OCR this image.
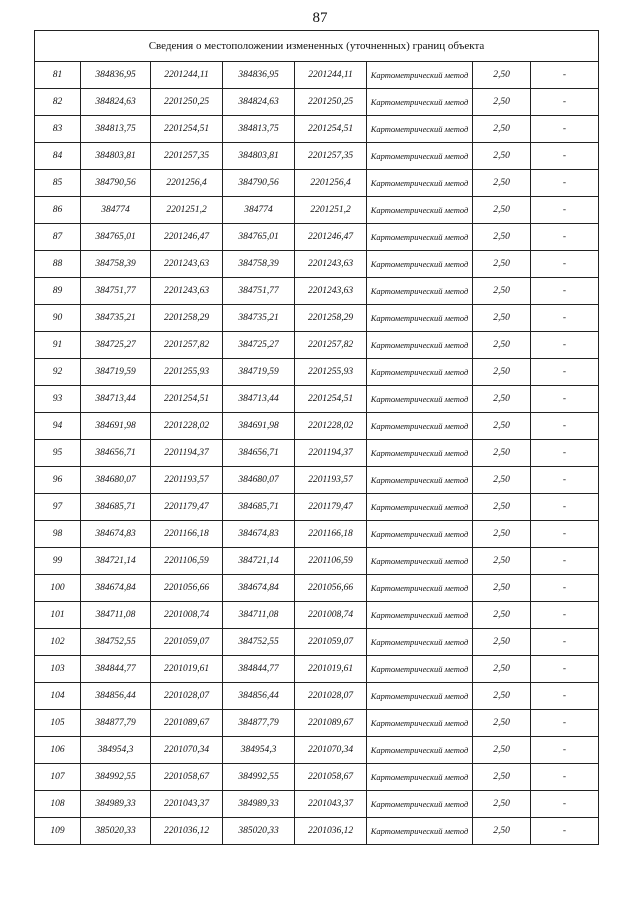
87
Сведения о местоположении измененных (уточненных) границ объекта							
81	384836,95	2201244,11	384836,95	2201244,11	Картометрический метод	2,50	-
82	384824,63	2201250,25	384824,63	2201250,25	Картометрический метод	2,50	-
83	384813,75	2201254,51	384813,75	2201254,51	Картометрический метод	2,50	-
84	384803,81	2201257,35	384803,81	2201257,35	Картометрический метод	2,50	-
85	384790,56	2201256,4	384790,56	2201256,4	Картометрический метод	2,50	-
86	384774	2201251,2	384774	2201251,2	Картометрический метод	2,50	-
87	384765,01	2201246,47	384765,01	2201246,47	Картометрический метод	2,50	-
88	384758,39	2201243,63	384758,39	2201243,63	Картометрический метод	2,50	-
89	384751,77	2201243,63	384751,77	2201243,63	Картометрический метод	2,50	-
90	384735,21	2201258,29	384735,21	2201258,29	Картометрический метод	2,50	-
91	384725,27	2201257,82	384725,27	2201257,82	Картометрический метод	2,50	-
92	384719,59	2201255,93	384719,59	2201255,93	Картометрический метод	2,50	-
93	384713,44	2201254,51	384713,44	2201254,51	Картометрический метод	2,50	-
94	384691,98	2201228,02	384691,98	2201228,02	Картометрический метод	2,50	-
95	384656,71	2201194,37	384656,71	2201194,37	Картометрический метод	2,50	-
96	384680,07	2201193,57	384680,07	2201193,57	Картометрический метод	2,50	-
97	384685,71	2201179,47	384685,71	2201179,47	Картометрический метод	2,50	-
98	384674,83	2201166,18	384674,83	2201166,18	Картометрический метод	2,50	-
99	384721,14	2201106,59	384721,14	2201106,59	Картометрический метод	2,50	-
100	384674,84	2201056,66	384674,84	2201056,66	Картометрический метод	2,50	-
101	384711,08	2201008,74	384711,08	2201008,74	Картометрический метод	2,50	-
102	384752,55	2201059,07	384752,55	2201059,07	Картометрический метод	2,50	-
103	384844,77	2201019,61	384844,77	2201019,61	Картометрический метод	2,50	-
104	384856,44	2201028,07	384856,44	2201028,07	Картометрический метод	2,50	-
105	384877,79	2201089,67	384877,79	2201089,67	Картометрический метод	2,50	-
106	384954,3	2201070,34	384954,3	2201070,34	Картометрический метод	2,50	-
107	384992,55	2201058,67	384992,55	2201058,67	Картометрический метод	2,50	-
108	384989,33	2201043,37	384989,33	2201043,37	Картометрический метод	2,50	-
109	385020,33	2201036,12	385020,33	2201036,12	Картометрический метод	2,50	-
